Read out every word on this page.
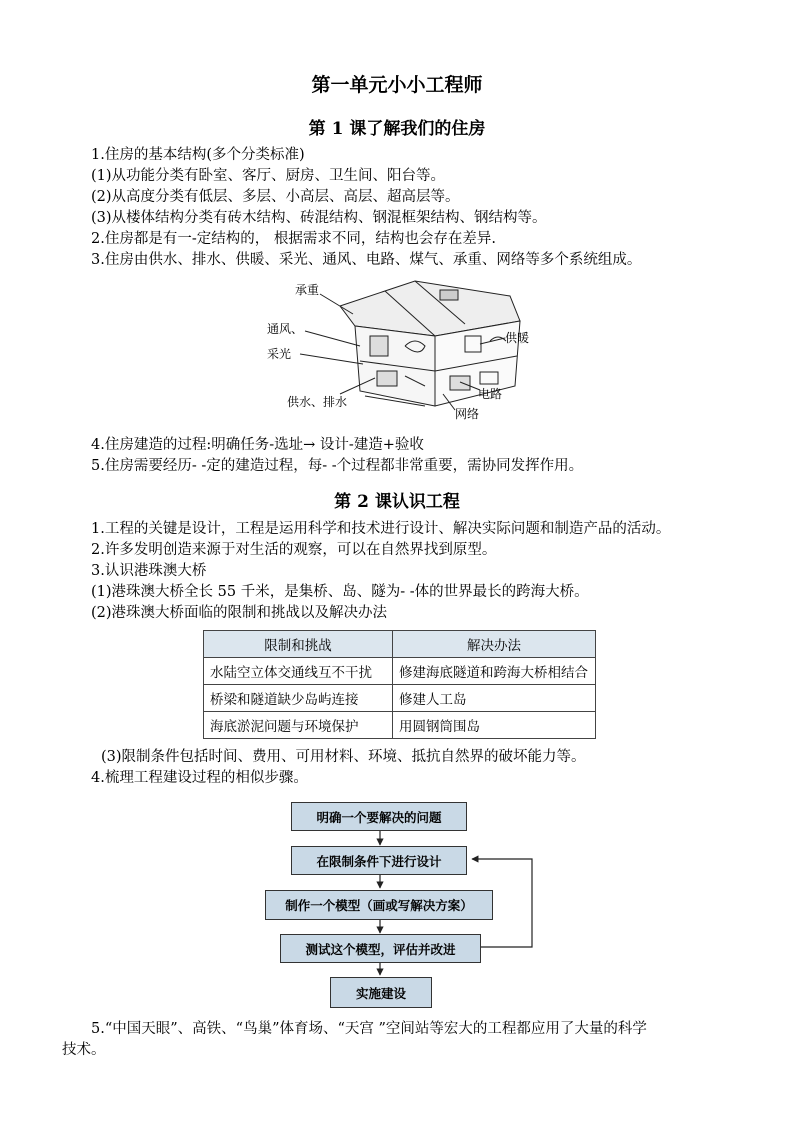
第一单元小小工程师
第 1 课了解我们的住房
1.住房的基本结构(多个分类标准)
(1)从功能分类有卧室、客厅、厨房、卫生间、阳台等。
(2)从高度分类有低层、多层、小高层、高层、超高层等。
(3)从楼体结构分类有砖木结构、砖混结构、钢混框架结构、钢结构等。
2.住房都是有一-定结构的， 根据需求不同，结构也会存在差异.
3.住房由供水、排水、供暖、采光、通风、电路、煤气、承重、网络等多个系统组成。
承重
通风、
采光
供暖
供水、排水
电路
网络
4.住房建造的过程:明确任务-选址→ 设计-建造+验收
5.住房需要经历- -定的建造过程，每- -个过程都非常重要，需协同发挥作用。
第 2 课认识工程
1.工程的关键是设计，工程是运用科学和技术进行设计、解决实际问题和制造产品的活动。
2.许多发明创造来源于对生活的观察，可以在自然界找到原型。
3.认识港珠澳大桥
(1)港珠澳大桥全长 55 千米，是集桥、岛、隧为- -体的世界最长的跨海大桥。
(2)港珠澳大桥面临的限制和挑战以及解决办法
限制和挑战	解决办法
水陆空立体交通线互不干扰	修建海底隧道和跨海大桥相结合
桥梁和隧道缺少岛屿连接	修建人工岛
海底淤泥问题与环境保护	用圆钢筒围岛
(3)限制条件包括时间、费用、可用材料、环境、抵抗自然界的破坏能力等。
4.梳理工程建设过程的相似步骤。
明确一个要解决的问题
在限制条件下进行设计
制作一个模型（画或写解决方案）
测试这个模型，评估并改进
实施建设
5.“中国天眼”、高铁、“鸟巢”体育场、“天宫 ”空间站等宏大的工程都应用了大量的科学
技术。
